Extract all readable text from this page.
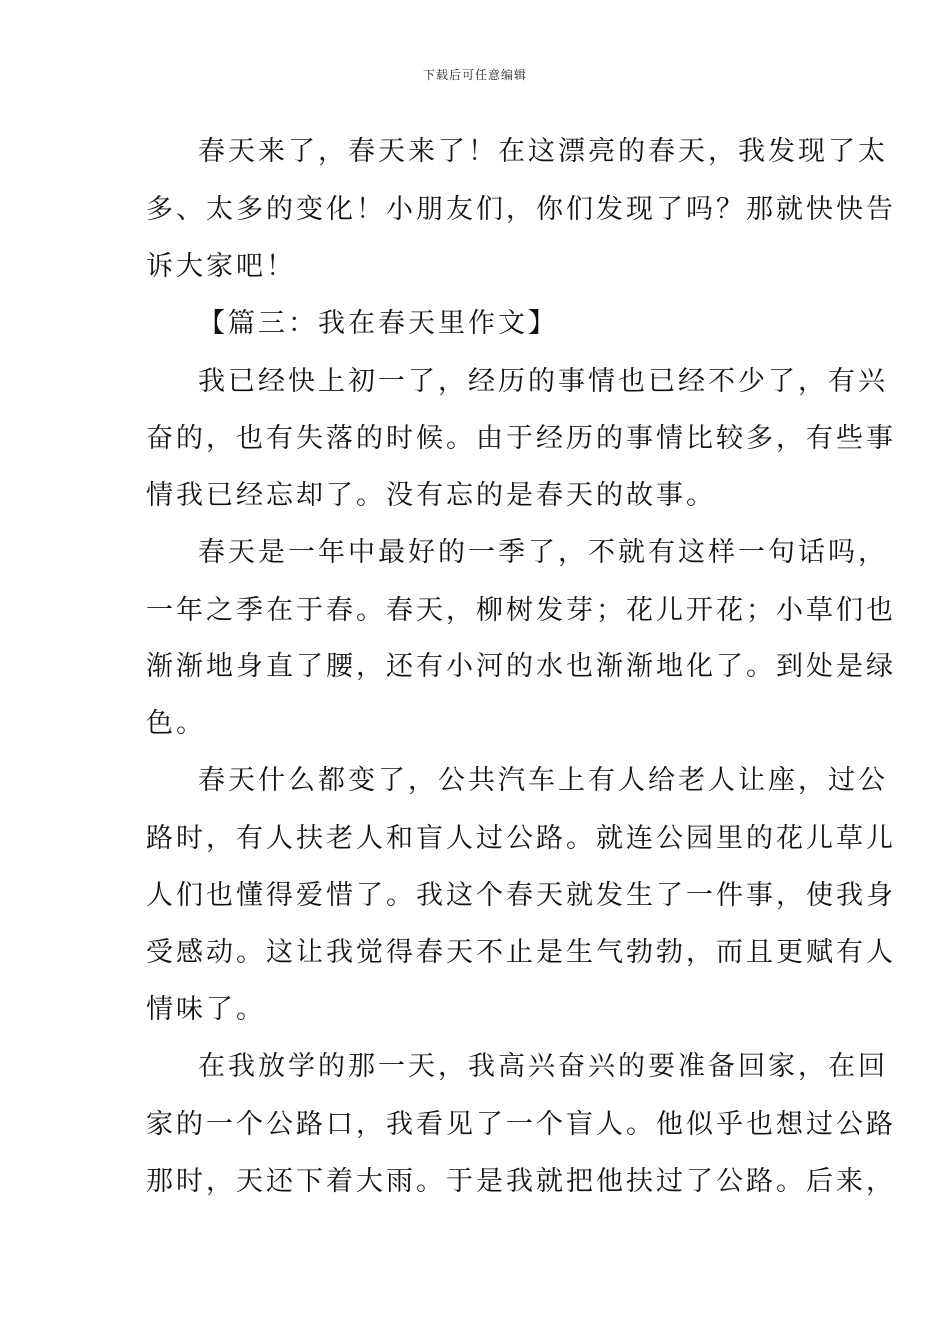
下载后可任意编辑
春天来了，春天来了！在这漂亮的春天，我发现了太
多、太多的变化！小朋友们，你们发现了吗？那就快快告
诉大家吧！
【篇三：我在春天里作文】
我已经快上初一了，经历的事情也已经不少了，有兴
奋的，也有失落的时候。由于经历的事情比较多，有些事
情我已经忘却了。没有忘的是春天的故事。
春天是一年中最好的一季了，不就有这样一句话吗，
一年之季在于春。春天，柳树发芽；花儿开花；小草们也
渐渐地身直了腰，还有小河的水也渐渐地化了。到处是绿
色。
春天什么都变了，公共汽车上有人给老人让座，过公
路时，有人扶老人和盲人过公路。就连公园里的花儿草儿
人们也懂得爱惜了。我这个春天就发生了一件事，使我身
受感动。这让我觉得春天不止是生气勃勃，而且更赋有人
情味了。
在我放学的那一天，我高兴奋兴的要准备回家，在回
家的一个公路口，我看见了一个盲人。他似乎也想过公路
那时，天还下着大雨。于是我就把他扶过了公路。后来，
